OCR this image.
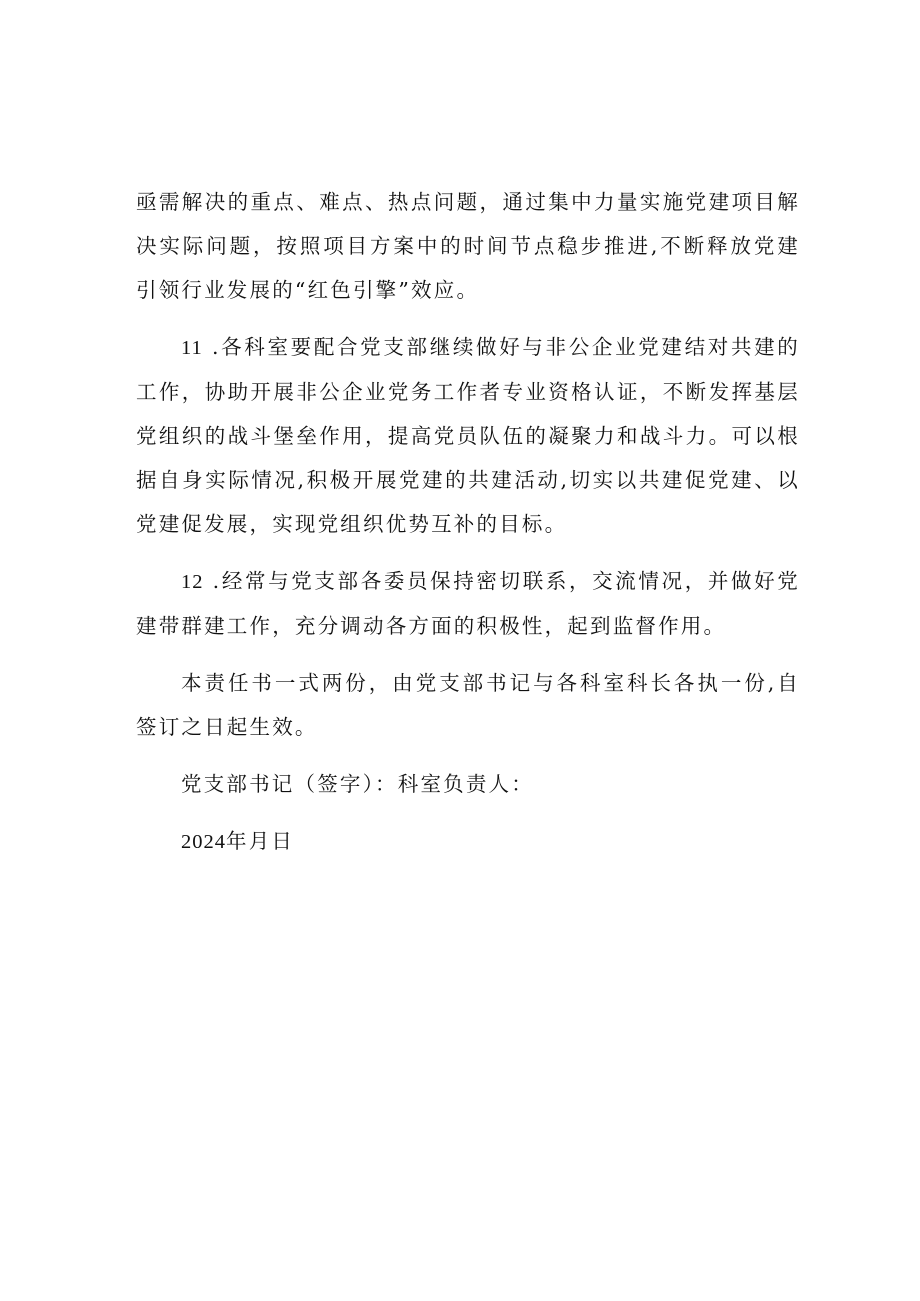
亟需解决的重点、难点、热点问题，通过集中力量实施党建项目解决实际问题，按照项目方案中的时间节点稳步推进,不断释放党建引领行业发展的“红色引擎”效应。

11 .各科室要配合党支部继续做好与非公企业党建结对共建的工作，协助开展非公企业党务工作者专业资格认证，不断发挥基层党组织的战斗堡垒作用，提高党员队伍的凝聚力和战斗力。可以根据自身实际情况,积极开展党建的共建活动,切实以共建促党建、以党建促发展，实现党组织优势互补的目标。

12 .经常与党支部各委员保持密切联系，交流情况，并做好党建带群建工作，充分调动各方面的积极性，起到监督作用。

本责任书一式两份，由党支部书记与各科室科长各执一份,自签订之日起生效。

党支部书记（签字）：科室负责人：

2024年月日
